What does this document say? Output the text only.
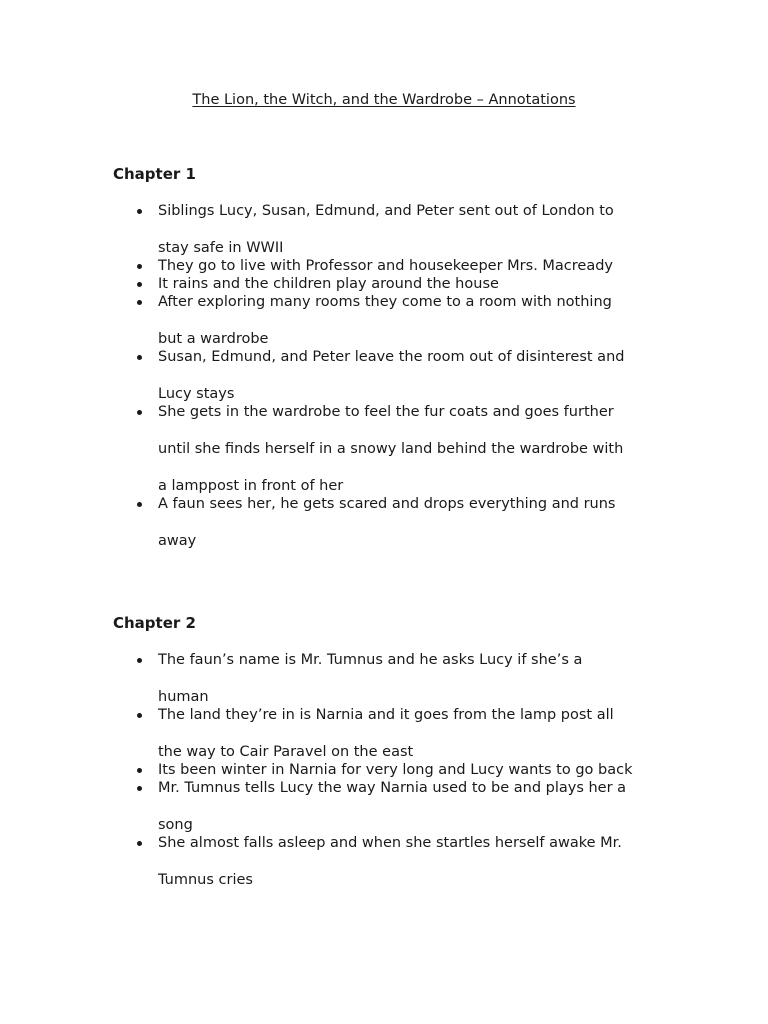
The Lion, the Witch, and the Wardrobe – Annotations
Chapter 1
Siblings Lucy, Susan, Edmund, and Peter sent out of London to
stay safe in WWII
They go to live with Professor and housekeeper Mrs. Macready
It rains and the children play around the house
After exploring many rooms they come to a room with nothing
but a wardrobe
Susan, Edmund, and Peter leave the room out of disinterest and
Lucy stays
She gets in the wardrobe to feel the fur coats and goes further
until she finds herself in a snowy land behind the wardrobe with
a lamppost in front of her
A faun sees her, he gets scared and drops everything and runs
away
Chapter 2
The faun’s name is Mr. Tumnus and he asks Lucy if she’s a
human
The land they’re in is Narnia and it goes from the lamp post all
the way to Cair Paravel on the east
Its been winter in Narnia for very long and Lucy wants to go back
Mr. Tumnus tells Lucy the way Narnia used to be and plays her a
song
She almost falls asleep and when she startles herself awake Mr.
Tumnus cries
